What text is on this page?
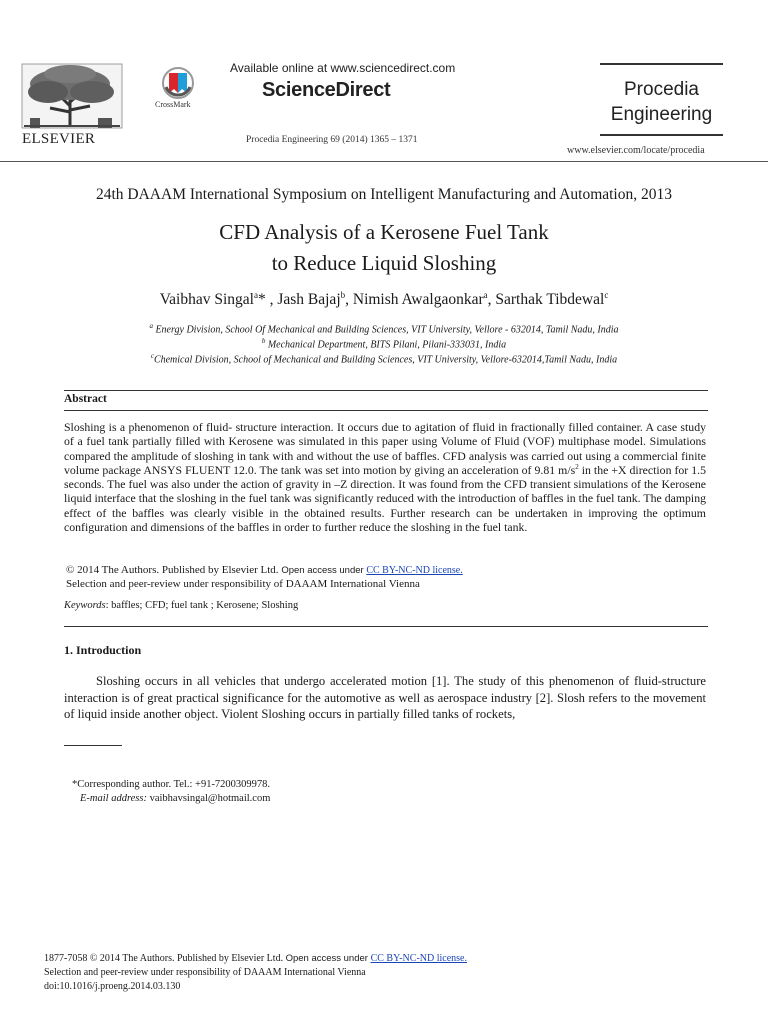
ELSEVIER
CrossMark
Available online at www.sciencedirect.com
ScienceDirect
Procedia Engineering 69 (2014) 1365 – 1371
Procedia
Engineering
www.elsevier.com/locate/procedia
24th DAAAM International Symposium on Intelligent Manufacturing and Automation, 2013
CFD Analysis of a Kerosene Fuel Tank
to Reduce Liquid Sloshing
Vaibhav Singal$^a$* , Jash Bajaj$^b$, Nimish Awalgaonkar$^a$, Sarthak Tibdewal$^c$
$^a$ Energy Division, School Of Mechanical and Building Sciences, VIT University, Vellore - 632014, Tamil Nadu, India
$^b$ Mechanical Department, BITS Pilani, Pilani-333031, India
$^c$Chemical Division, School of Mechanical and Building Sciences, VIT University, Vellore-632014,Tamil Nadu, India
Abstract
Sloshing is a phenomenon of fluid- structure interaction. It occurs due to agitation of fluid in fractionally filled container. A case study of a fuel tank partially filled with Kerosene was simulated in this paper using Volume of Fluid (VOF) multiphase model. Simulations compared the amplitude of sloshing in tank with and without the use of baffles. CFD analysis was carried out using a commercial finite volume package ANSYS FLUENT 12.0. The tank was set into motion by giving an acceleration of 9.81 $m/s^2$ in the +X direction for 1.5 seconds. The fuel was also under the action of gravity in –Z direction. It was found from the CFD transient simulations of the Kerosene liquid interface that the sloshing in the fuel tank was significantly reduced with the introduction of baffles in the fuel tank. The damping effect of the baffles was clearly visible in the obtained results. Further research can be undertaken in improving the optimum configuration and dimensions of the baffles in order to further reduce the sloshing in the fuel tank.
© 2014 The Authors. Published by Elsevier Ltd. Open access under CC BY-NC-ND license.
Selection and peer-review under responsibility of DAAAM International Vienna
Keywords: baffles; CFD; fuel tank ; Kerosene; Sloshing
1. Introduction
Sloshing occurs in all vehicles that undergo accelerated motion [1]. The study of this phenomenon of fluid-structure interaction is of great practical significance for the automotive as well as aerospace industry [2]. Slosh refers to the movement of liquid inside another object. Violent Sloshing occurs in partially filled tanks of rockets,
*Corresponding author. Tel.: +91-7200309978.
E-mail address: vaibhavsingal@hotmail.com
1877-7058 © 2014 The Authors. Published by Elsevier Ltd. Open access under CC BY-NC-ND license.
Selection and peer-review under responsibility of DAAAM International Vienna
doi:10.1016/j.proeng.2014.03.130
